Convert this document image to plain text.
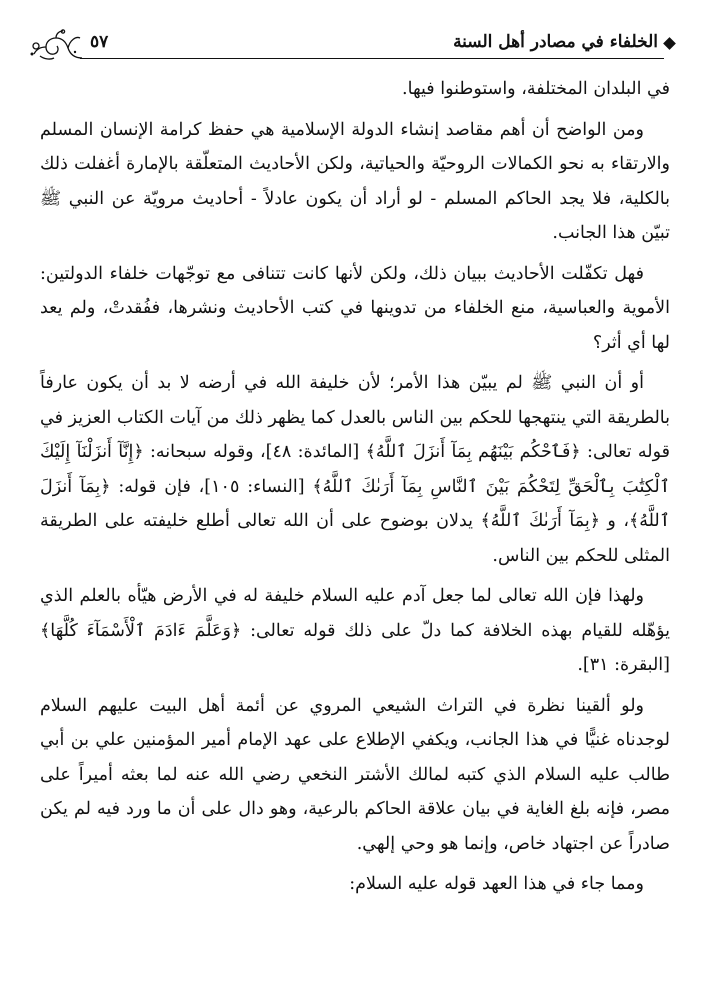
الخلفاء في مصادر أهل السنة
٥٧

في البلدان المختلفة، واستوطنوا فيها.

ومن الواضح أن أهم مقاصد إنشاء الدولة الإسلامية هي حفظ كرامة الإنسان المسلم والارتقاء به نحو الكمالات الروحيّة والحياتية، ولكن الأحاديث المتعلّقة بالإمارة أغفلت ذلك بالكلية، فلا يجد الحاكم المسلم - لو أراد أن يكون عادلاً - أحاديث مرويّة عن النبي ﷺ تبيّن هذا الجانب.

فهل تكفّلت الأحاديث ببيان ذلك، ولكن لأنها كانت تتنافى مع توجّهات خلفاء الدولتين: الأموية والعباسية، منع الخلفاء من تدوينها في كتب الأحاديث ونشرها، ففُقدتْ، ولم يعد لها أي أثر؟

أو أن النبي ﷺ لم يبيّن هذا الأمر؛ لأن خليفة الله في أرضه لا بد أن يكون عارفاً بالطريقة التي ينتهجها للحكم بين الناس بالعدل كما يظهر ذلك من آيات الكتاب العزيز في قوله تعالى: ﴿فَٱحْكُم بَيْنَهُم بِمَآ أَنزَلَ ٱللَّهُ﴾ [المائدة: ٤٨]، وقوله سبحانه: ﴿إِنَّآ أَنزَلْنَآ إِلَيْكَ ٱلْكِتَٰبَ بِٱلْحَقِّ لِتَحْكُمَ بَيْنَ ٱلنَّاسِ بِمَآ أَرَىٰكَ ٱللَّهُ﴾ [النساء: ١٠٥]، فإن قوله: ﴿بِمَآ أَنزَلَ ٱللَّهُ﴾، و ﴿بِمَآ أَرَىٰكَ ٱللَّهُ﴾ يدلان بوضوح على أن الله تعالى أطلع خليفته على الطريقة المثلى للحكم بين الناس.

ولهذا فإن الله تعالى لما جعل آدم عليه السلام خليفة له في الأرض هيّأه بالعلم الذي يؤهّله للقيام بهذه الخلافة كما دلّ على ذلك قوله تعالى: ﴿وَعَلَّمَ ءَادَمَ ٱلْأَسْمَآءَ كُلَّهَا﴾ [البقرة: ٣١].

ولو ألقينا نظرة في التراث الشيعي المروي عن أئمة أهل البيت عليهم السلام لوجدناه غنيًّا في هذا الجانب، ويكفي الإطلاع على عهد الإمام أمير المؤمنين علي بن أبي طالب عليه السلام الذي كتبه لمالك الأشتر النخعي رضي الله عنه لما بعثه أميراً على مصر، فإنه بلغ الغاية في بيان علاقة الحاكم بالرعية، وهو دال على أن ما ورد فيه لم يكن صادراً عن اجتهاد خاص، وإنما هو وحي إلهي.

ومما جاء في هذا العهد قوله عليه السلام:
